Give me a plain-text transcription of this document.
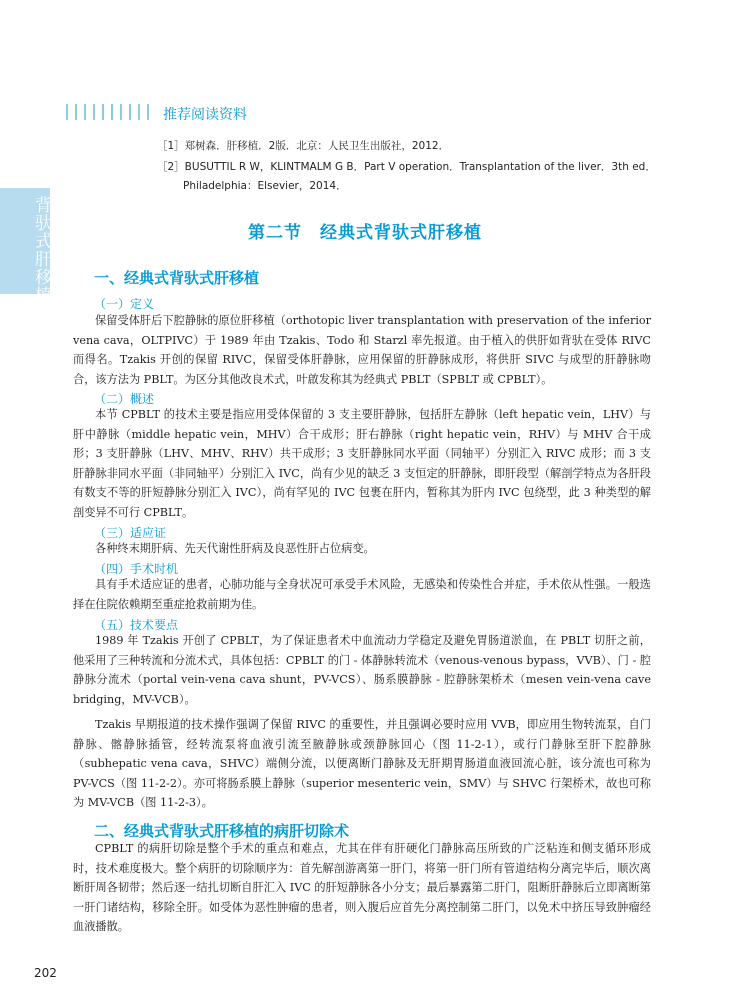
背驮式肝移植
推荐阅读资料
［1］郑树森．肝移植．2版．北京：人民卫生出版社，2012．
［2］BUSUTTIL R W，KLINTMALM G B．Part Ⅴ operation．Transplantation of the liver．3th ed．
Philadelphia：Elsevier，2014．
第二节　经典式背驮式肝移植
一、经典式背驮式肝移植
（一）定义

保留受体肝后下腔静脉的原位肝移植（orthotopic liver transplantation with preservation of the inferior vena cava，OLTPIVC）于 1989 年由 Tzakis、Todo 和 Starzl 率先报道。由于植入的供肝如背驮在受体 RIVC 而得名。Tzakis 开创的保留 RIVC，保留受体肝静脉，应用保留的肝静脉成形，将供肝 SIVC 与成型的肝静脉吻合，该方法为 PBLT。为区分其他改良术式，叶啟发称其为经典式 PBLT（SPBLT 或 CPBLT）。

（二）概述

本节 CPBLT 的技术主要是指应用受体保留的 3 支主要肝静脉，包括肝左静脉（left hepatic vein，LHV）与肝中静脉（middle hepatic vein，MHV）合干成形；肝右静脉（right hepatic vein，RHV）与 MHV 合干成形；3 支肝静脉（LHV、MHV、RHV）共干成形；3 支肝静脉同水平面（同轴平）分别汇入 RIVC 成形；而 3 支肝静脉非同水平面（非同轴平）分别汇入 IVC，尚有少见的缺乏 3 支恒定的肝静脉，即肝段型（解剖学特点为各肝段有数支不等的肝短静脉分别汇入 IVC），尚有罕见的 IVC 包裹在肝内，暂称其为肝内 IVC 包绕型，此 3 种类型的解剖变异不可行 CPBLT。

（三）适应证

各种终末期肝病、先天代谢性肝病及良恶性肝占位病变。

（四）手术时机

具有手术适应证的患者，心肺功能与全身状况可承受手术风险，无感染和传染性合并症，手术依从性强。一般选择在住院依赖期至重症抢救前期为佳。

（五）技术要点

1989 年 Tzakis 开创了 CPBLT，为了保证患者术中血流动力学稳定及避免胃肠道淤血，在 PBLT 切肝之前，他采用了三种转流和分流术式，具体包括：CPBLT 的门 - 体静脉转流术（venous-venous bypass，VVB）、门 - 腔静脉分流术（portal vein-vena cava shunt，PV-VCS）、肠系膜静脉 - 腔静脉架桥术（mesen vein-vena cave bridging，MV-VCB）。

Tzakis 早期报道的技术操作强调了保留 RIVC 的重要性，并且强调必要时应用 VVB，即应用生物转流泵，自门静脉、髂静脉插管，经转流泵将血液引流至腋静脉或颈静脉回心（图 11-2-1），或行门静脉至肝下腔静脉（subhepatic vena cava，SHVC）端侧分流，以便离断门静脉及无肝期胃肠道血液回流心脏，该分流也可称为 PV-VCS（图 11-2-2）。亦可将肠系膜上静脉（superior mesenteric vein，SMV）与 SHVC 行架桥术，故也可称为 MV-VCB（图 11-2-3）。

二、经典式背驮式肝移植的病肝切除术

CPBLT 的病肝切除是整个手术的重点和难点，尤其在伴有肝硬化门静脉高压所致的广泛粘连和侧支循环形成时，技术难度极大。整个病肝的切除顺序为：首先解剖游离第一肝门，将第一肝门所有管道结构分离完毕后，顺次离断肝周各韧带；然后逐一结扎切断自肝汇入 IVC 的肝短静脉各小分支；最后暴露第二肝门，阻断肝静脉后立即离断第一肝门诸结构，移除全肝。如受体为恶性肿瘤的患者，则入腹后应首先分离控制第二肝门，以免术中挤压导致肿瘤经血液播散。

202
